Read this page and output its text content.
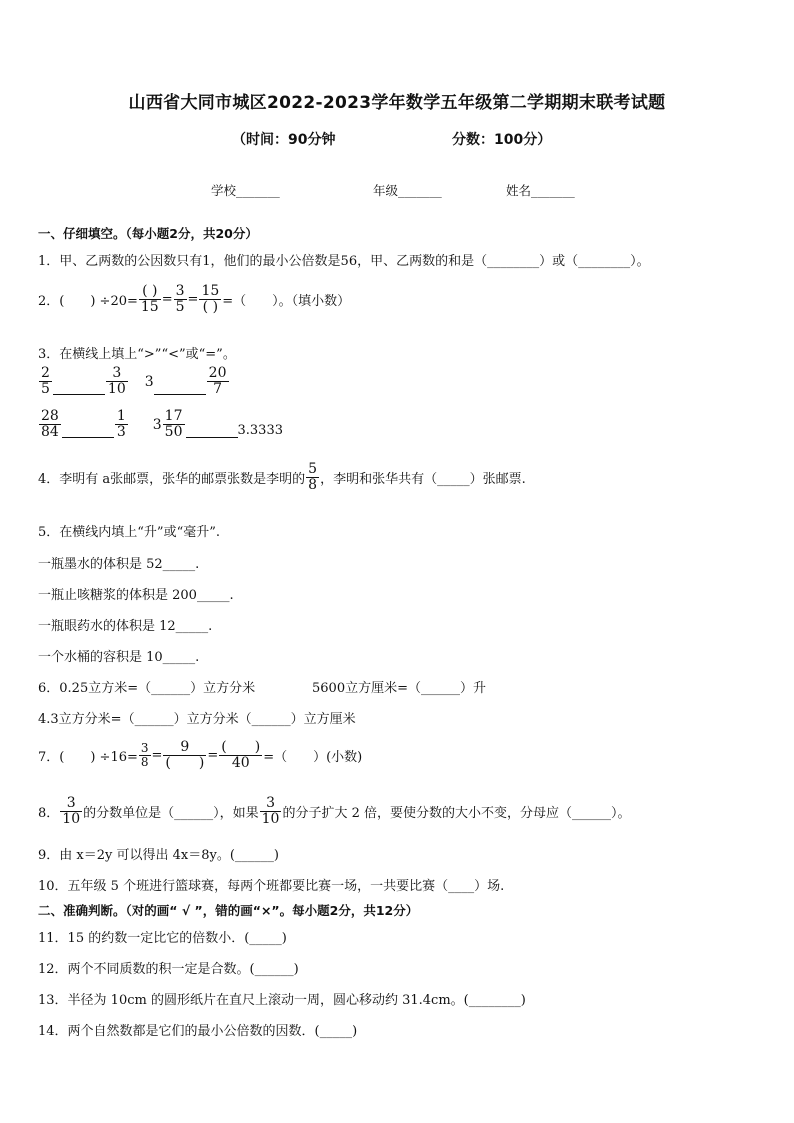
山西省大同市城区2022-2023学年数学五年级第二学期期末联考试题
（时间：90分钟	分数：100分）
学校_______	年级_______	姓名_______
一、仔细填空。（每小题2分，共20分）
1．甲、乙两数的公因数只有1，他们的最小公倍数是56，甲、乙两数的和是（________）或（________）。
2．(　　) $\div 20= \frac{( )}{15} = \frac{3}{5} = \frac{15}{( )}$ =（　　）。（填小数）
3．在横线上填上“>”“<”或“=”。
$\frac{2}{5}$	$\frac{3}{10} 3$	$\frac{20}{7}$
$\frac{28}{84}$	$\frac{1}{3} 3 \frac{17}{50}$	3.3333
4．李明有 a张邮票，张华的邮票张数是李明的 $\frac{5}{8}$ ，李明和张华共有（_____）张邮票.
5．在横线内填上“升”或“毫升”.
一瓶墨水的体积是 52_____.
一瓶止咳糖浆的体积是 200_____.
一瓶眼药水的体积是 12_____.
一个水桶的容积是 10_____.
6．0.25立方米=（______）立方分米	5600立方厘米=（______）升
4.3立方分米=（______）立方分米（______）立方厘米
7．(　　) $\div 16= \frac{3}{8} = \frac{9}{( )} = \frac{( )}{40}$ =（　　）(小数)
8． $\frac{3}{10}$ 的分数单位是（______），如果 $\frac{3}{10}$ 的分子扩大 2 倍，要使分数的大小不变，分母应（______）。
9．由 x＝2y 可以得出 4x＝8y。(______)
10．五年级 5 个班进行篮球赛，每两个班都要比赛一场，一共要比赛（____）场.
二、准确判断。（对的画“ √ ”，错的画“×”。每小题2分，共12分）
11．15 的约数一定比它的倍数小．(_____)
12．两个不同质数的积一定是合数。(______)
13．半径为 10cm 的圆形纸片在直尺上滚动一周，圆心移动约 31.4cm。(________)
14．两个自然数都是它们的最小公倍数的因数．(_____)
